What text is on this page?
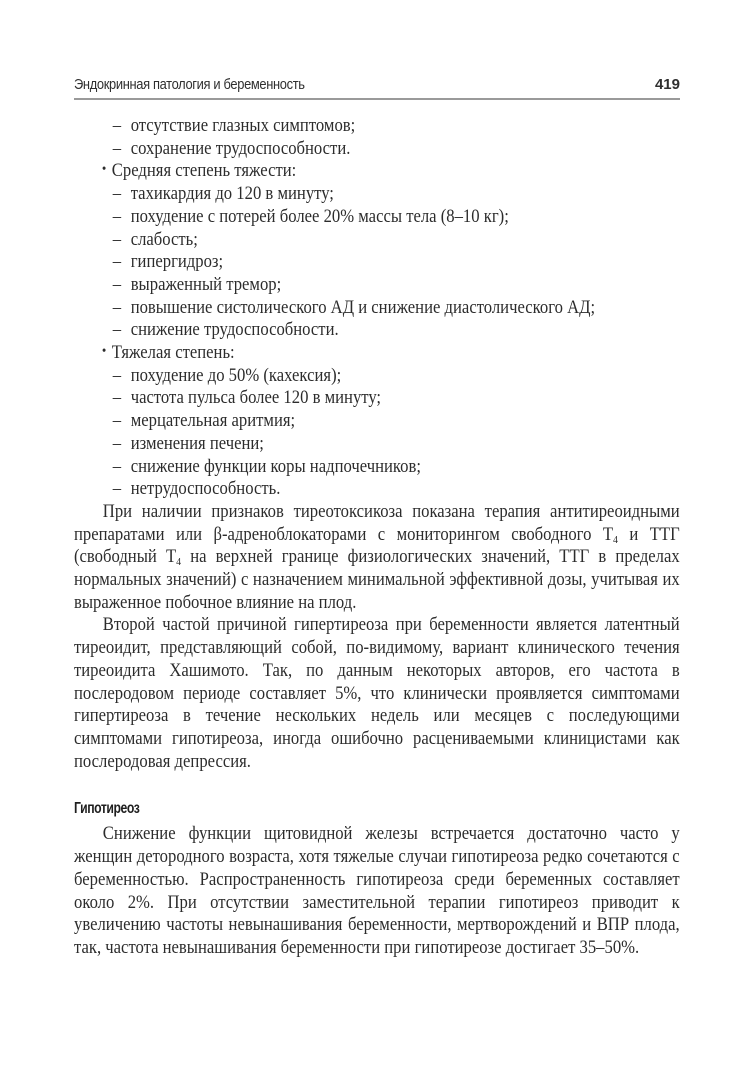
Эндокринная патология и беременность	419
– отсутствие глазных симптомов;
– сохранение трудоспособности.
• Средняя степень тяжести:
– тахикардия до 120 в минуту;
– похудение с потерей более 20% массы тела (8–10 кг);
– слабость;
– гипергидроз;
– выраженный тремор;
– повышение систолического АД и снижение диастолического АД;
– снижение трудоспособности.
• Тяжелая степень:
– похудение до 50% (кахексия);
– частота пульса более 120 в минуту;
– мерцательная аритмия;
– изменения печени;
– снижение функции коры надпочечников;
– нетрудоспособность.

При наличии признаков тиреотоксикоза показана терапия антитиреоидными препаратами или β-адреноблокаторами с мониторингом свободного $Т_4$ и ТТГ (свободный $Т_4$ на верхней границе физиологических значений, ТТГ в пределах нормальных значений) с назначением минимальной эффективной дозы, учитывая их выраженное побочное влияние на плод.

Второй частой причиной гипертиреоза при беременности является латентный тиреоидит, представляющий собой, по-видимому, вариант клинического течения тиреоидита Хашимото. Так, по данным некоторых авторов, его частота в послеродовом периоде составляет 5%, что клинически проявляется симптомами гипертиреоза в течение нескольких недель или месяцев с последующими симптомами гипотиреоза, иногда ошибочно расцениваемыми клиницистами как послеродовая депрессия.

Гипотиреоз

Снижение функции щитовидной железы встречается достаточно часто у женщин детородного возраста, хотя тяжелые случаи гипотиреоза редко сочетаются с беременностью. Распространенность гипотиреоза среди беременных составляет около 2%. При отсутствии заместительной терапии гипотиреоз приводит к увеличению частоты невынашивания беременности, мертворождений и ВПР плода, так, частота невынашивания беременности при гипотиреозе достигает 35–50%.
